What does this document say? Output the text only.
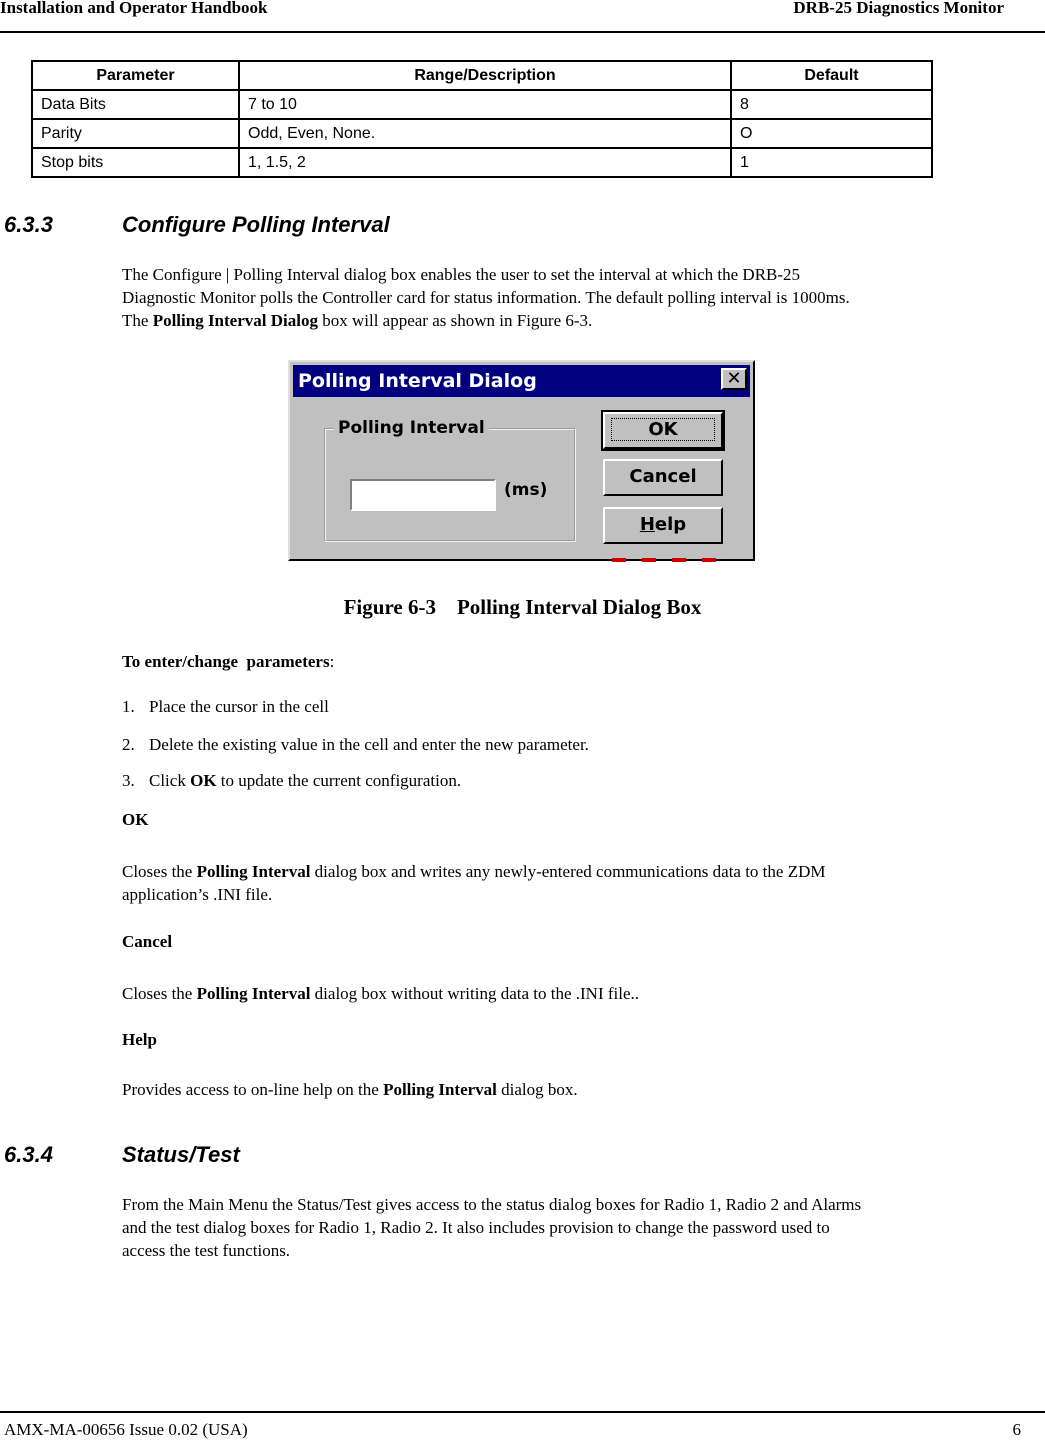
Installation and Operator Handbook	DRB-25 Diagnostics Monitor
Parameter	Range/Description	Default
Data Bits	7 to 10	8
Parity	Odd, Even, None.	O
Stop bits	1, 1.5, 2	1
6.3.3	Configure Polling Interval
The Configure | Polling Interval dialog box enables the user to set the interval at which the DRB-25
Diagnostic Monitor polls the Controller card for status information. The default polling interval is 1000ms.
The Polling Interval Dialog box will appear as shown in Figure 6-3.
Polling Interval Dialog	✕
Polling Interval
(ms)
OK
Cancel
Help
Figure 6-3    Polling Interval Dialog Box
To enter/change  parameters:
1. Place the cursor in the cell
2. Delete the existing value in the cell and enter the new parameter.
3. Click OK to update the current configuration.
OK
Closes the Polling Interval dialog box and writes any newly-entered communications data to the ZDM
application’s .INI file.
Cancel
Closes the Polling Interval dialog box without writing data to the .INI file..
Help
Provides access to on-line help on the Polling Interval dialog box.
6.3.4	Status/Test
From the Main Menu the Status/Test gives access to the status dialog boxes for Radio 1, Radio 2 and Alarms
and the test dialog boxes for Radio 1, Radio 2. It also includes provision to change the password used to
access the test functions.
AMX-MA-00656 Issue 0.02 (USA)	6
